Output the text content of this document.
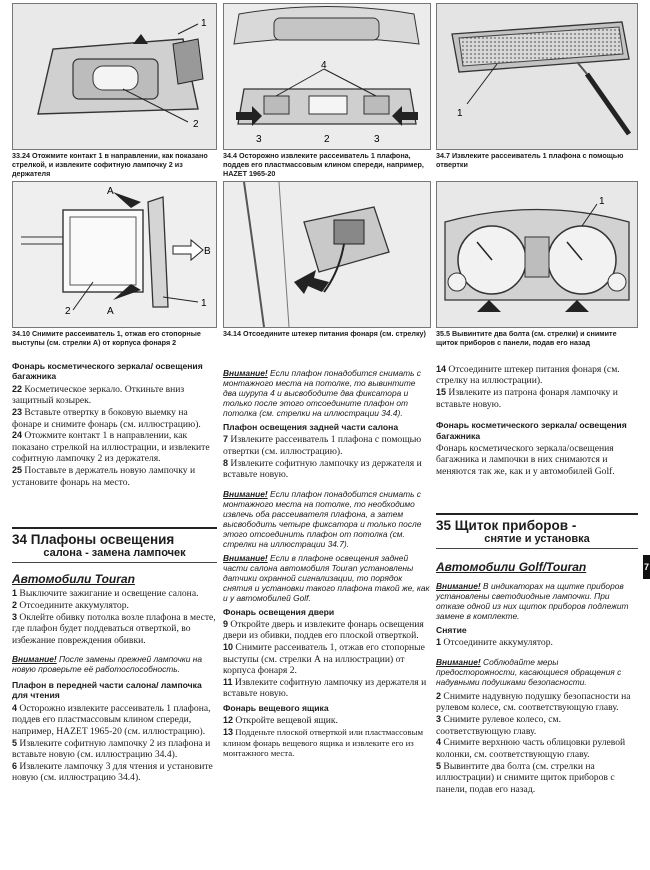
1
2
33.24 Отожмите контакт 1 в направлении, как показано стрелкой, и извлеките софитную лампочку 2 из держателя
A
B
A
1
2
34.10 Снимите рассеиватель 1, отжав его стопорные выступы (см. стрелки А) от корпуса фонаря 2
Фонарь косметического зеркала/ освещения багажника

22 Косметическое зеркало. Откиньте вниз защитный козырек.

23 Вставьте отвертку в боковую выемку на фонаре и снимите фонарь (см. иллюстрацию).

24 Отожмите контакт 1 в направлении, как показано стрелкой на иллюстрации, и извлеките софитную лампочку 2 из держателя.

25 Поставьте в держатель новую лампочку и установите фонарь на место.

34 Плафоны освещения
салона - замена лампочек
Автомобили Touran

1 Выключите зажигание и освещение салона.

2 Отсоедините аккумулятор.

3 Оклейте обивку потолка возле плафона в месте, где плафон будет поддеваться отверткой, во избежание повреждения обивки.

Внимание! После замены прежней лампочки на новую проверьте её работоспособность.
Плафон в передней части салона/ лампочка для чтения

4 Осторожно извлеките рассеиватель 1 плафона, поддев его пластмассовым клином спереди, например, HAZET 1965-20 (см. иллюстрацию).

5 Извлеките софитную лампочку 2 из плафона и вставьте новую (см. иллюстрацию 34.4).

6 Извлеките лампочку 3 для чтения и установите новую (см. иллюстрацию 34.4).

4
3	2	3
34.4 Осторожно извлеките рассеиватель 1 плафона, поддев его пластмассовым клином спереди, например, HAZET 1965-20
34.14 Отсоедините штекер питания фонаря (см. стрелку)
Внимание! Если плафон понадобится снимать с монтажного места на потолке, то вывинтите два шурупа 4 и высвободите два фиксатора и только после этого отсоедините плафон от потолка (см. стрелки на иллюстрации 34.4).
Плафон освещения задней части салона

7 Извлеките рассеиватель 1 плафона с помощью отвертки (см. иллюстрацию).

8 Извлеките софитную лампочку из держателя и вставьте новую.

Внимание! Если плафон понадобится снимать с монтажного места на потолке, то необходимо извлечь оба рассеивателя плафона, а затем высвободить четыре фиксатора и только после этого отсоединить плафон от потолка (см. стрелки на иллюстрации 34.7).
Внимание! Если в плафоне освещения задней части салона автомобиля Touran установлены датчики охранной сигнализации, то порядок снятия и установки такого плафона такой же, как и у автомобилей Golf.
Фонарь освещения двери

9 Откройте дверь и извлеките фонарь освещения двери из обивки, поддев его плоской отверткой.

10 Снимите рассеиватель 1, отжав его стопорные выступы (см. стрелки А на иллюстрации) от корпуса фонаря 2.

11 Извлеките софитную лампочку из держателя и вставьте новую.

Фонарь вещевого ящика

12 Откройте вещевой ящик.

13 Подденьте плоской отверткой или пластмассовым клином фонарь вещевого ящика и извлеките его из монтажного места.

1
34.7 Извлеките рассеиватель 1 плафона с помощью отвертки
1
35.5 Вывинтите два болта (см. стрелки) и снимите щиток приборов с панели, подав его назад

14 Отсоедините штекер питания фонаря (см. стрелку на иллюстрации).

15 Извлеките из патрона фонаря лампочку и вставьте новую.

Фонарь косметического зеркала/ освещения багажника

Фонарь косметического зеркала/освещения багажника и лампочки в них снимаются и меняются так же, как и у автомобилей Golf.

35 Щиток приборов -
снятие и установка
Автомобили Golf/Touran
Внимание! В индикаторах на щитке приборов установлены светодиодные лампочки. При отказе одной из них щиток приборов подлежит замене в комплекте.
Снятие

1 Отсоедините аккумулятор.

Внимание! Соблюдайте меры предосторожности, касающиеся обращения с надувными подушками безопасности.

2 Снимите надувную подушку безопасности на рулевом колесе, см. соответствующую главу.

3 Снимите рулевое колесо, см. соответствующую главу.

4 Снимите верхнюю часть облицовки рулевой колонки, см. соответствующую главу.

5 Вывинтите два болта (см. стрелки на иллюстрации) и снимите щиток приборов с панели, подав его назад.

7
